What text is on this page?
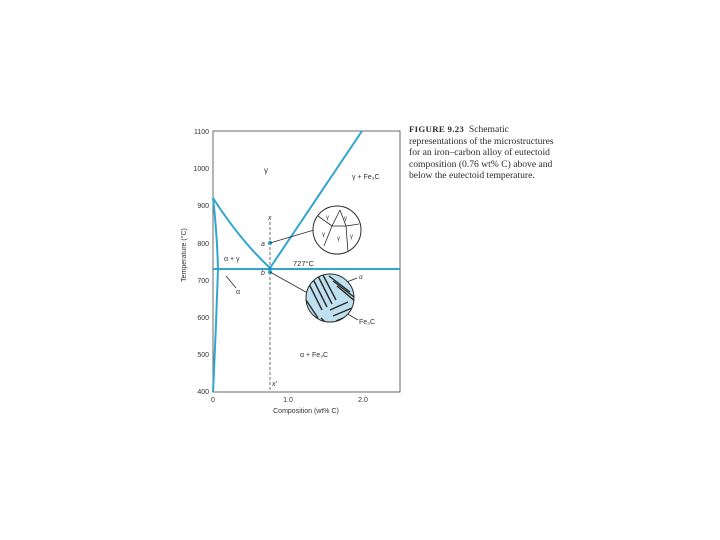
1100
1000
900
800
700
600
500
400
0	1.0	2.0
Composition (wt% C)
Temperature (°C)
γ
γ + Fe₃C
α + γ
α + Fe₃C
α
727°C
a
b
x
x'
γ	γ
γ
γ γ
α
Fe₃C
FIGURE 9.23 Schematic representations of the microstructures for an iron–carbon alloy of eutectoid composition (0.76 wt% C) above and below the eutectoid temperature.
